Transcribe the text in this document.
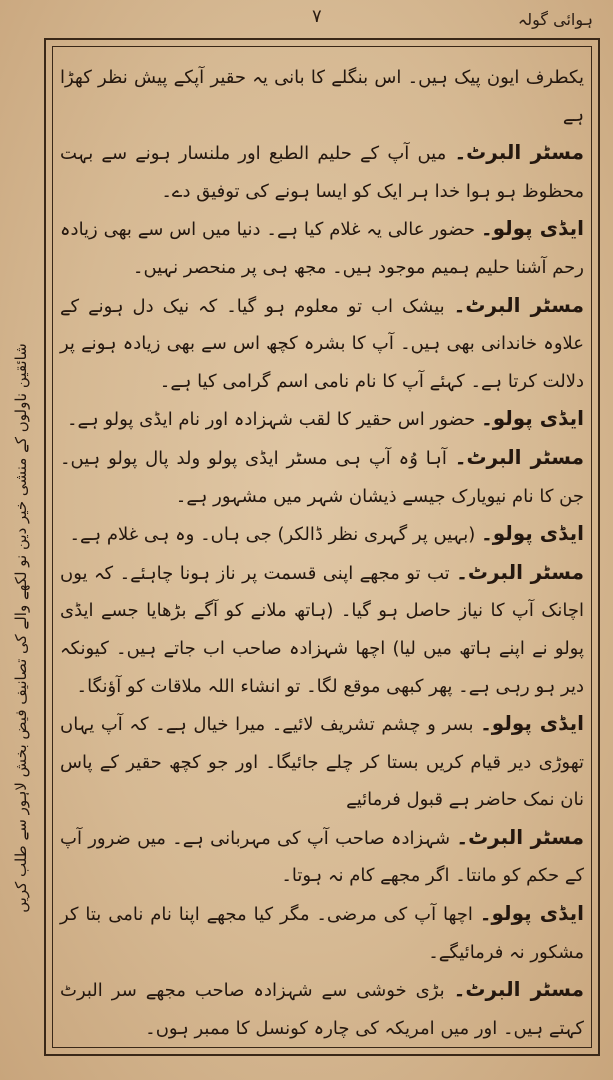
۷	ہوائی گولہ

یکطرف ایون پیک ہیں۔ اس بنگلے کا بانی یہ حقیر آپکے پیش نظر کھڑا ہے

مسٹر البرٹ۔ میں آپ کے حلیم الطبع اور ملنسار ہونے سے بہت محظوظ ہو ہوا خدا ہر ایک کو ایسا ہونے کی توفیق دے۔

ایڈی پولو۔ حضور عالی یہ غلام کیا ہے۔ دنیا میں اس سے بھی زیادہ رحم آشنا حلیم ہمیم موجود ہیں۔ مجھ ہی پر منحصر نہیں۔

مسٹر البرٹ۔ بیشک اب تو معلوم ہو گیا۔ کہ نیک دل ہونے کے علاوہ خاندانی بھی ہیں۔ آپ کا بشرہ کچھ اس سے بھی زیادہ ہونے پر دلالت کرتا ہے۔ کہئے آپ کا نام نامی اسم گرامی کیا ہے۔

ایڈی پولو۔ حضور اس حقیر کا لقب شہزادہ اور نام ایڈی پولو ہے۔

مسٹر البرٹ۔ آہا وُہ آپ ہی مسٹر ایڈی پولو ولد پال پولو ہیں۔ جن کا نام نیویارک جیسے ذیشان شہر میں مشہور ہے۔

ایڈی پولو۔ (بہیں پر گہری نظر ڈالکر) جی ہاں۔ وہ ہی غلام ہے۔

مسٹر البرٹ۔ تب تو مجھے اپنی قسمت پر ناز ہونا چاہئے۔ کہ یوں اچانک آپ کا نیاز حاصل ہو گیا۔ (ہاتھ ملانے کو آگے بڑھایا جسے ایڈی پولو نے اپنے ہاتھ میں لیا) اچھا شہزادہ صاحب اب جاتے ہیں۔ کیونکہ دیر ہو رہی ہے۔ پھر کبھی موقع لگا۔ تو انشاء اللہ ملاقات کو آؤنگا۔

ایڈی پولو۔ بسر و چشم تشریف لائیے۔ میرا خیال ہے۔ کہ آپ یہاں تھوڑی دیر قیام کریں بستا کر چلے جائیگا۔ اور جو کچھ حقیر کے پاس نان نمک حاضر ہے قبول فرمائیے

مسٹر البرٹ۔ شہزادہ صاحب آپ کی مہربانی ہے۔ میں ضرور آپ کے حکم کو مانتا۔ اگر مجھے کام نہ ہوتا۔

ایڈی پولو۔ اچھا آپ کی مرضی۔ مگر کیا مجھے اپنا نام نامی بتا کر مشکور نہ فرمائیگے۔

مسٹر البرٹ۔ بڑی خوشی سے شہزادہ صاحب مجھے سر البرٹ کہتے ہیں۔ اور میں امریکہ کی چارہ کونسل کا ممبر ہوں۔

شائقین ناولوں کے منشی خیر دین نو لکھے والے کی تصانیف فیض بخش لاہور سے طلب کریں
